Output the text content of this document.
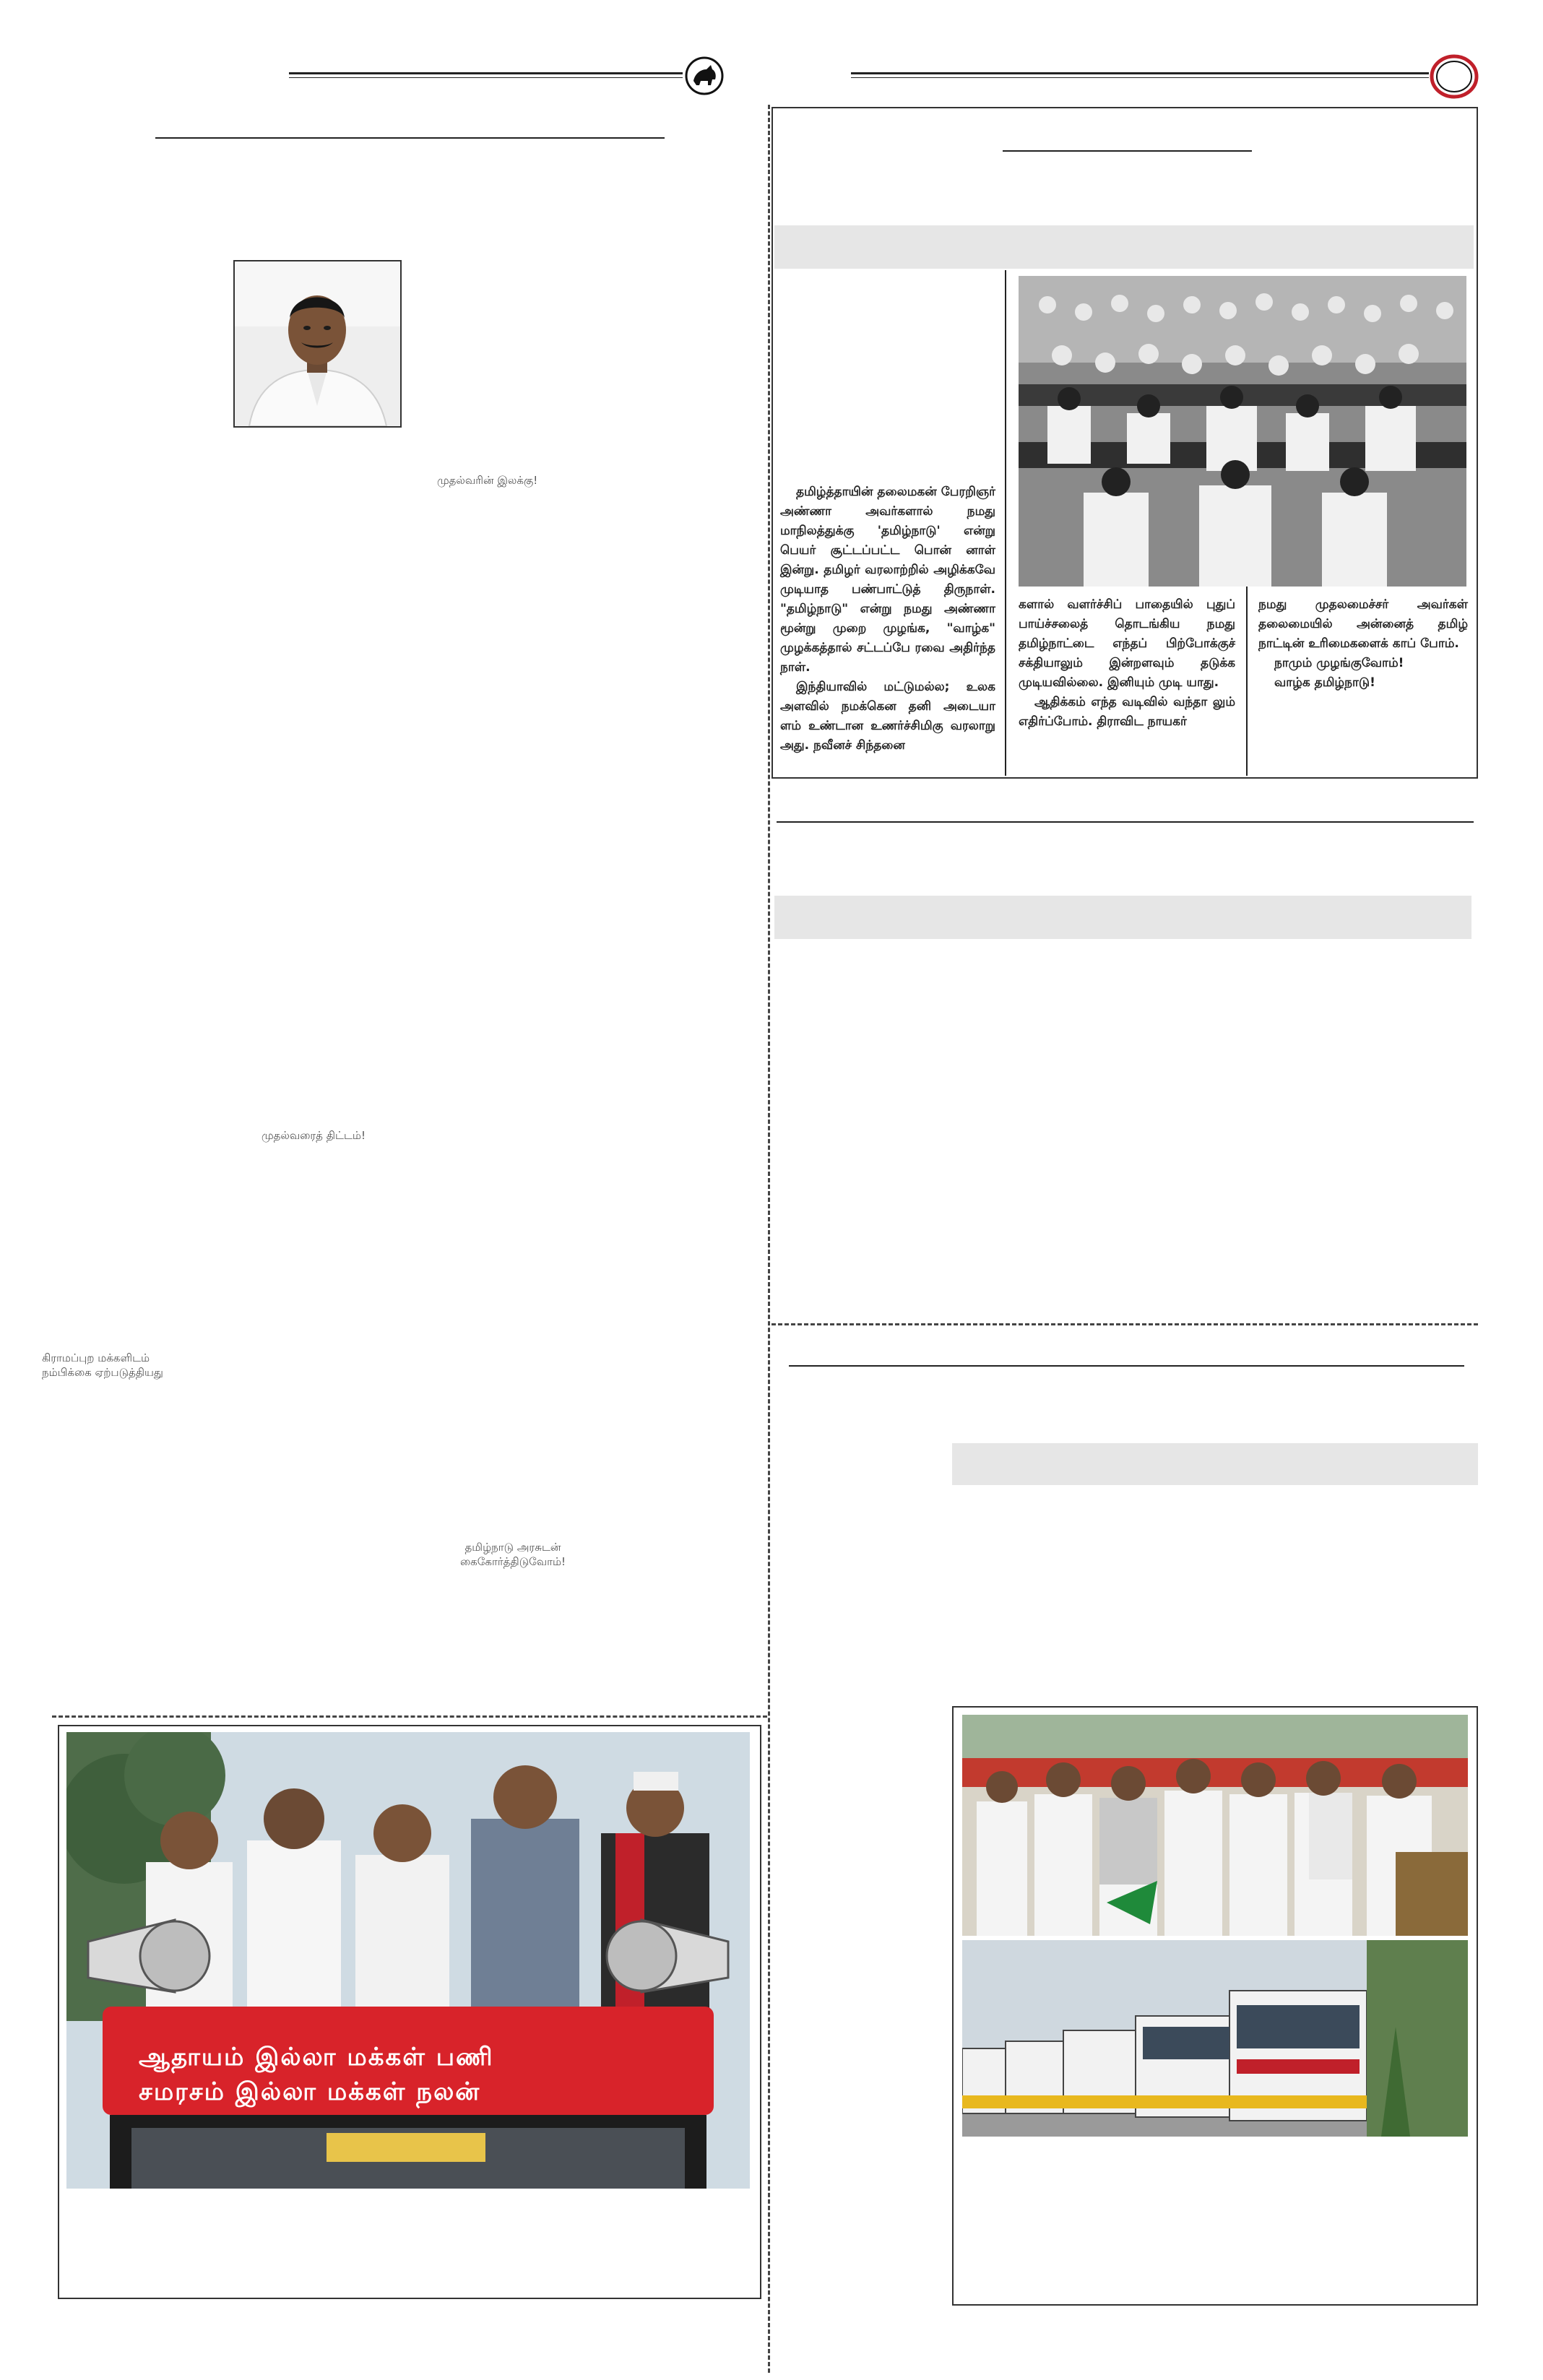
முதல்வரின் இலக்கு!
முதல்வரைத் திட்டம்!
கிராமப்புற மக்களிடம்
நம்பிக்கை ஏற்படுத்தியது
தமிழ்நாடு அரசுடன்
கைகோர்த்திடுவோம்!
ஆதாயம் இல்லா மக்கள் பணி
சமரசம் இல்லா மக்கள் நலன்

தமிழ்த்தாயின் தலைமகன் பேரறிஞர் அண்ணா அவர்களால் நமது மாநிலத்துக்கு 'தமிழ்நாடு' என்று பெயர் சூட்டப்பட்ட பொன் னாள் இன்று. தமிழர் வரலாற்றில் அழிக்கவே முடியாத பண்பாட்டுத் திருநாள். "தமிழ்நாடு" என்று நமது அண்ணா மூன்று முறை முழங்க, "வாழ்க" முழக்கத்தால் சட்டப்பே ரவை அதிர்ந்த நாள்.

இந்தியாவில் மட்டுமல்ல; உலக அளவில் நமக்கென தனி அடையா ளம் உண்டான உணர்ச்சிமிகு வரலாறு அது. நவீனச் சிந்தனை

களால் வளர்ச்சிப் பாதையில் புதுப் பாய்ச்சலைத் தொடங்கிய நமது தமிழ்நாட்டை எந்தப் பிற்போக்குச் சக்தியாலும் இன்றளவும் தடுக்க முடியவில்லை. இனியும் முடி யாது.

ஆதிக்கம் எந்த வடிவில் வந்தா லும் எதிர்ப்போம். திராவிட நாயகர்

நமது முதலமைச்சர் அவர்கள் தலைமையில் அன்னைத் தமிழ் நாட்டின் உரிமைகளைக் காப் போம்.

நாமும் முழங்குவோம்!

வாழ்க தமிழ்நாடு!
